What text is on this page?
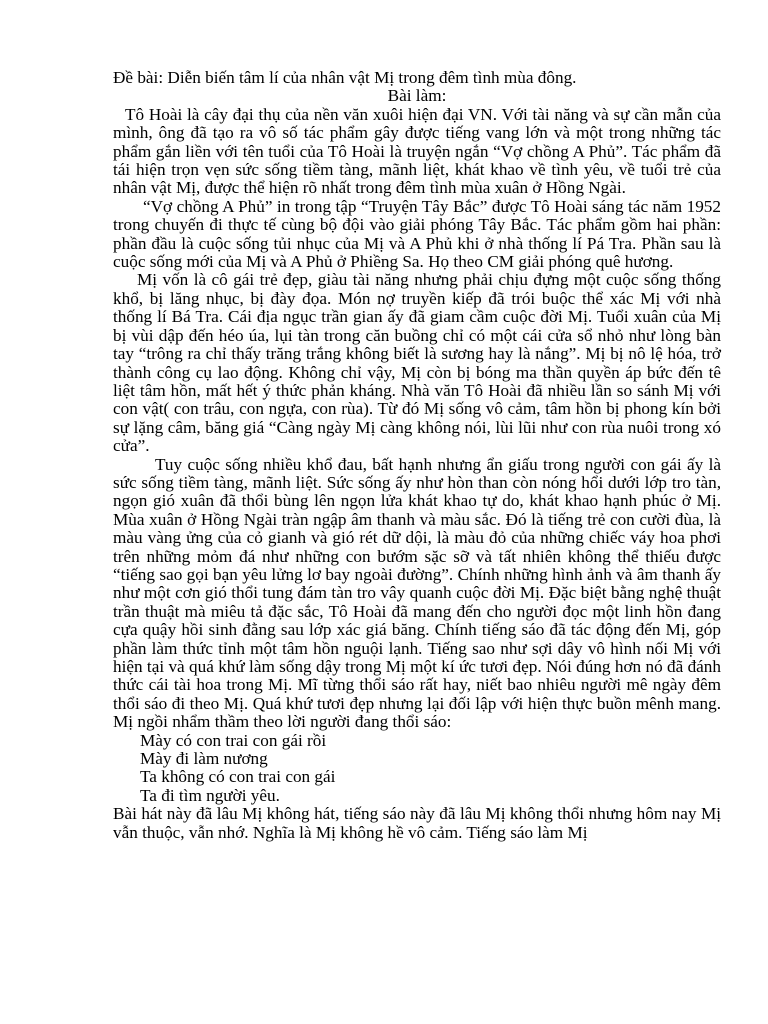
Đề bài: Diễn biến tâm lí của nhân vật Mị trong đêm tình mùa đông.

Bài làm:

Tô Hoài là cây đại thụ của nền văn xuôi hiện đại VN. Với tài năng và sự cần mẫn của mình, ông đã tạo ra vô số tác phẩm gây được tiếng vang lớn và một trong những tác phẩm gắn liền với tên tuổi của Tô Hoài là truyện ngắn “Vợ chồng A Phủ”. Tác phẩm đã tái hiện trọn vẹn sức sống tiềm tàng, mãnh liệt, khát khao về tình yêu, về tuổi trẻ của nhân vật Mị, được thể hiện rõ nhất trong đêm tình mùa xuân ở Hồng Ngài.

“Vợ chồng A Phủ” in trong tập “Truyện Tây Bắc” được Tô Hoài sáng tác năm 1952 trong chuyến đi thực tế cùng bộ đội vào giải phóng Tây Bắc. Tác phẩm gồm hai phần: phần đầu là cuộc sống tủi nhục của Mị và A Phủ khi ở nhà thống lí Pá Tra. Phần sau là cuộc sống mới của Mị và A Phủ ở Phiềng Sa. Họ theo CM giải phóng quê hương.

Mị vốn là cô gái trẻ đẹp, giàu tài năng nhưng phải chịu đựng một cuộc sống thống khổ, bị lăng nhục, bị đày đọa. Món nợ truyền kiếp đã trói buộc thể xác Mị với nhà thống lí Bá Tra. Cái địa ngục trần gian ấy đã giam cầm cuộc đời Mị. Tuổi xuân của Mị bị vùi dập đến héo úa, lụi tàn trong căn buồng chỉ có một cái cửa sổ nhỏ như lòng bàn tay “trông ra chỉ thấy trăng trắng không biết là sương hay là nắng”. Mị bị nô lệ hóa, trở thành công cụ lao động. Không chỉ vậy, Mị còn bị bóng ma thần quyền áp bức đến tê liệt tâm hồn, mất hết ý thức phản kháng. Nhà văn Tô Hoài đã nhiều lần so sánh Mị với con vật( con trâu, con ngựa, con rùa). Từ đó Mị sống vô cảm, tâm hồn bị phong kín bởi sự lặng câm, băng giá “Càng ngày Mị càng không nói, lùi lũi như con rùa nuôi trong xó cửa”.

Tuy cuộc sống nhiều khổ đau, bất hạnh nhưng ẩn giấu trong người con gái ấy là sức sống tiềm tàng, mãnh liệt. Sức sống ấy như hòn than còn nóng hổi dưới lớp tro tàn, ngọn gió xuân đã thổi bùng lên ngọn lửa khát khao tự do, khát khao hạnh phúc ở Mị. Mùa xuân ở Hồng Ngài tràn ngập âm thanh và màu sắc. Đó là tiếng trẻ con cười đùa, là màu vàng ửng của cỏ gianh và gió rét dữ dội, là màu đỏ của những chiếc váy hoa phơi trên những mỏm đá như những con bướm sặc sỡ và tất nhiên không thể thiếu được “tiếng sao gọi bạn yêu lửng lơ bay ngoài đường”. Chính những hình ảnh và âm thanh ấy như một cơn gió thổi tung đám tàn tro vây quanh cuộc đời Mị. Đặc biệt bằng nghệ thuật trần thuật mà miêu tả đặc sắc, Tô Hoài đã mang đến cho người đọc một linh hồn đang cựa quậy hồi sinh đằng sau lớp xác giá băng. Chính tiếng sáo đã tác động đến Mị, góp phần làm thức tỉnh một tâm hồn nguội lạnh. Tiếng sao như sợi dây vô hình nối Mị với hiện tại và quá khứ làm sống dậy trong Mị một kí ức tươi đẹp. Nói đúng hơn nó đã đánh thức cái tài hoa trong Mị. Mĩ từng thổi sáo rất hay, niết bao nhiêu người mê ngày đêm thổi sáo đi theo Mị. Quá khứ tươi đẹp nhưng lại đối lập với hiện thực buồn mênh mang. Mị ngồi nhẩm thầm theo lời người đang thổi sáo:

Mày có con trai con gái rồi

Mày đi làm nương

Ta không có con trai con gái

Ta đi tìm người yêu.

Bài hát này đã lâu Mị không hát, tiếng sáo này đã lâu Mị không thổi nhưng hôm nay Mị vẫn thuộc, vẫn nhớ. Nghĩa là Mị không hề vô cảm. Tiếng sáo làm Mị
